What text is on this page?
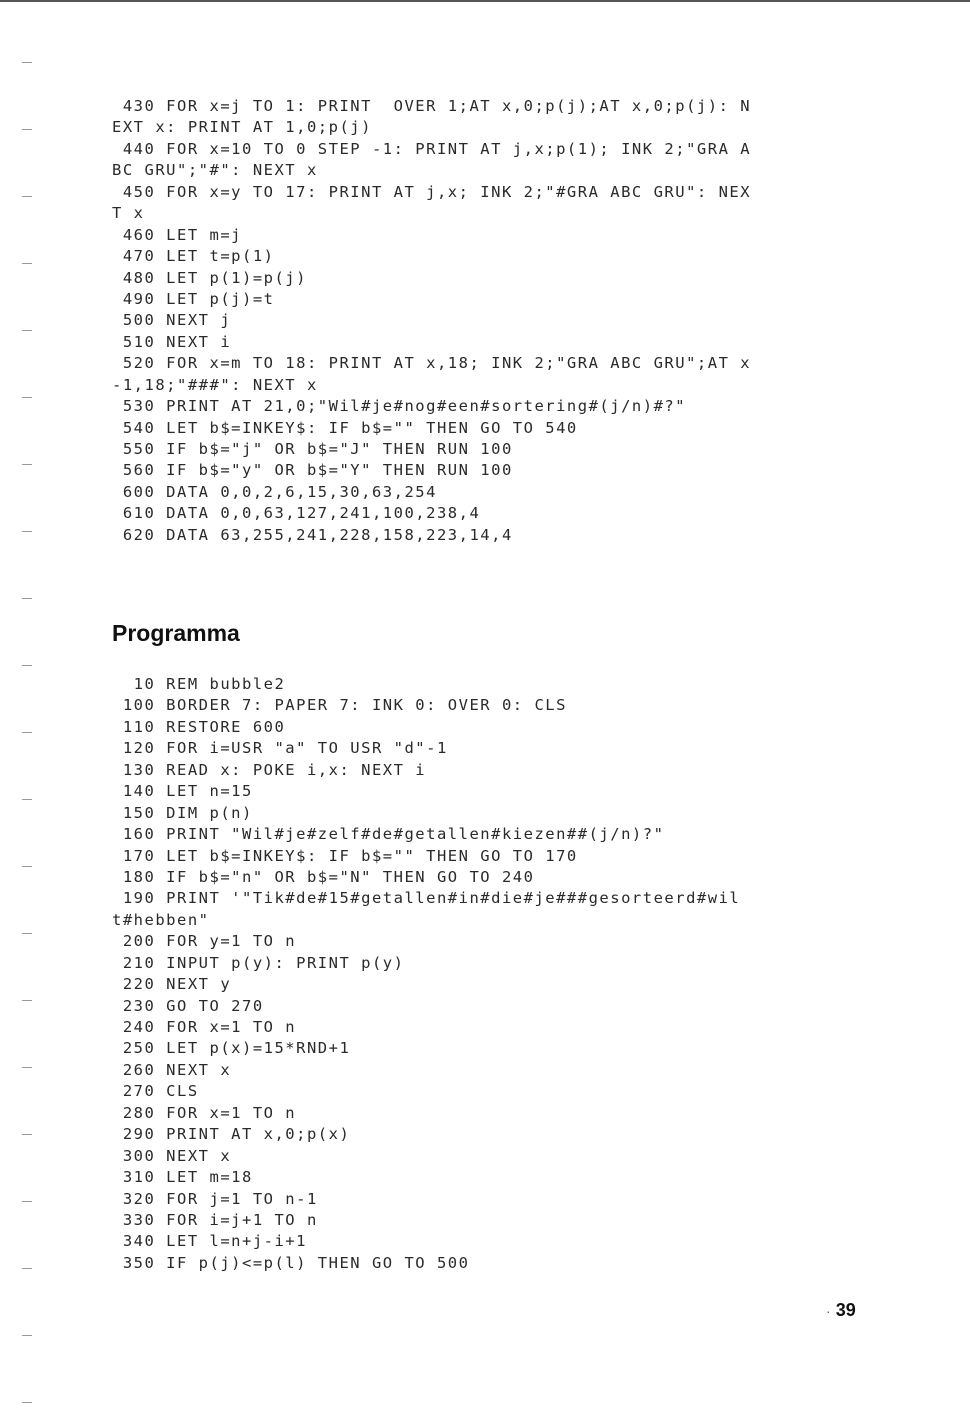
430 FOR x=j TO 1: PRINT  OVER 1;AT x,0;p(j);AT x,0;p(j): N
EXT x: PRINT AT 1,0;p(j)
440 FOR x=10 TO 0 STEP -1: PRINT AT j,x;p(1); INK 2;"GRA A
BC GRU";"#": NEXT x
450 FOR x=y TO 17: PRINT AT j,x; INK 2;"#GRA ABC GRU": NEX
T x
460 LET m=j
470 LET t=p(1)
480 LET p(1)=p(j)
490 LET p(j)=t
500 NEXT j
510 NEXT i
520 FOR x=m TO 18: PRINT AT x,18; INK 2;"GRA ABC GRU";AT x
-1,18;"###": NEXT x
530 PRINT AT 21,0;"Wil#je#nog#een#sortering#(j/n)#?"
540 LET b$=INKEY$: IF b$="" THEN GO TO 540
550 IF b$="j" OR b$="J" THEN RUN 100
560 IF b$="y" OR b$="Y" THEN RUN 100
600 DATA 0,0,2,6,15,30,63,254
610 DATA 0,0,63,127,241,100,238,4
620 DATA 63,255,241,228,158,223,14,4
Programma
10 REM bubble2
100 BORDER 7: PAPER 7: INK 0: OVER 0: CLS
110 RESTORE 600
120 FOR i=USR "a" TO USR "d"-1
130 READ x: POKE i,x: NEXT i
140 LET n=15
150 DIM p(n)
160 PRINT "Wil#je#zelf#de#getallen#kiezen##(j/n)?"
170 LET b$=INKEY$: IF b$="" THEN GO TO 170
180 IF b$="n" OR b$="N" THEN GO TO 240
190 PRINT '"Tik#de#15#getallen#in#die#je###gesorteerd#wil
t#hebben"
200 FOR y=1 TO n
210 INPUT p(y): PRINT p(y)
220 NEXT y
230 GO TO 270
240 FOR x=1 TO n
250 LET p(x)=15*RND+1
260 NEXT x
270 CLS
280 FOR x=1 TO n
290 PRINT AT x,0;p(x)
300 NEXT x
310 LET m=18
320 FOR j=1 TO n-1
330 FOR i=j+1 TO n
340 LET l=n+j-i+1
350 IF p(j)<=p(l) THEN GO TO 500
· 39
